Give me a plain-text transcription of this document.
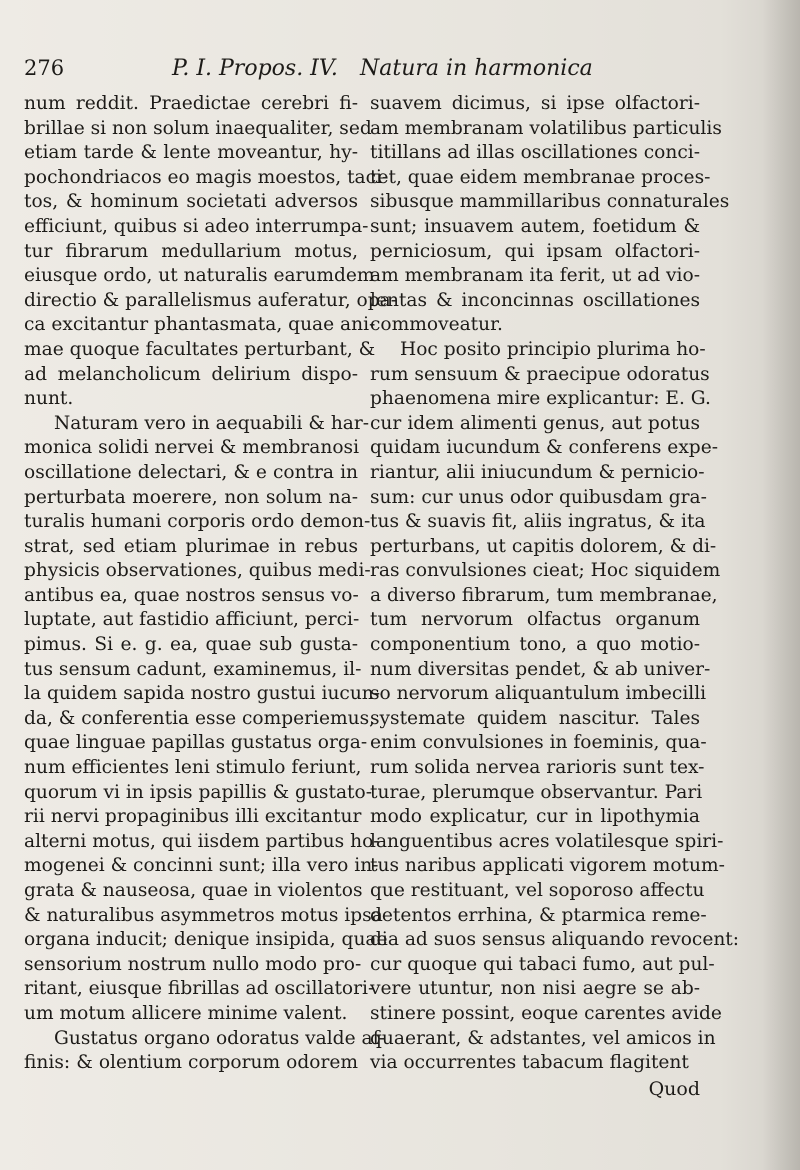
276	P. I. Propos. IV. Natura in harmonica
num reddit. Praedictae cerebri fi-
brillae si non solum inaequaliter, sed
etiam tarde & lente moveantur, hy-
pochondriacos eo magis moestos, taci-
tos, & hominum societati adversos
efficiunt, quibus si adeo interrumpa-
tur fibrarum medullarium motus,
eiusque ordo, ut naturalis earumdem
directio & parallelismus auferatur, opa-
ca excitantur phantasmata, quae ani-
mae quoque facultates perturbant, &
ad melancholicum delirium dispo-
nunt.
Naturam vero in aequabili & har-
monica solidi nervei & membranosi
oscillatione delectari, & e contra in
perturbata moerere, non solum na-
turalis humani corporis ordo demon-
strat, sed etiam plurimae in rebus
physicis observationes, quibus medi-
antibus ea, quae nostros sensus vo-
luptate, aut fastidio afficiunt, perci-
pimus. Si e. g. ea, quae sub gusta-
tus sensum cadunt, examinemus, il-
la quidem sapida nostro gustui iucun-
da, & conferentia esse comperiemus,
quae linguae papillas gustatus orga-
num efficientes leni stimulo feriunt,
quorum vi in ipsis papillis & gustato-
rii nervi propaginibus illi excitantur
alterni motus, qui iisdem partibus ho-
mogenei & concinni sunt; illa vero in-
grata & nauseosa, quae in violentos
& naturalibus asymmetros motus ipsa
organa inducit; denique insipida, quae
sensorium nostrum nullo modo pro-
ritant, eiusque fibrillas ad oscillatori-
um motum allicere minime valent.
Gustatus organo odoratus valde af-
finis: & olentium corporum odorem
suavem dicimus, si ipse olfactori-
am membranam volatilibus particulis
titillans ad illas oscillationes conci-
tet, quae eidem membranae proces-
sibusque mammillaribus connaturales
sunt; insuavem autem, foetidum &
perniciosum, qui ipsam olfactori-
am membranam ita ferit, ut ad vio-
lentas & inconcinnas oscillationes
commoveatur.
Hoc posito principio plurima ho-
rum sensuum & praecipue odoratus
phaenomena mire explicantur: E. G.
cur idem alimenti genus, aut potus
quidam iucundum & conferens expe-
riantur, alii iniucundum & pernicio-
sum: cur unus odor quibusdam gra-
tus & suavis fit, aliis ingratus, & ita
perturbans, ut capitis dolorem, & di-
ras convulsiones cieat; Hoc siquidem
a diverso fibrarum, tum membranae,
tum nervorum olfactus organum
componentium tono, a quo motio-
num diversitas pendet, & ab univer-
so nervorum aliquantulum imbecilli
systemate quidem nascitur. Tales
enim convulsiones in foeminis, qua-
rum solida nervea rarioris sunt tex-
turae, plerumque observantur. Pari
modo explicatur, cur in lipothymia
languentibus acres volatilesque spiri-
tus naribus applicati vigorem motum-
que restituant, vel soporoso affectu
detentos errhina, & ptarmica reme-
dia ad suos sensus aliquando revocent:
cur quoque qui tabaci fumo, aut pul-
vere utuntur, non nisi aegre se ab-
stinere possint, eoque carentes avide
quaerant, & adstantes, vel amicos in
via occurrentes tabacum flagitent
Quod
